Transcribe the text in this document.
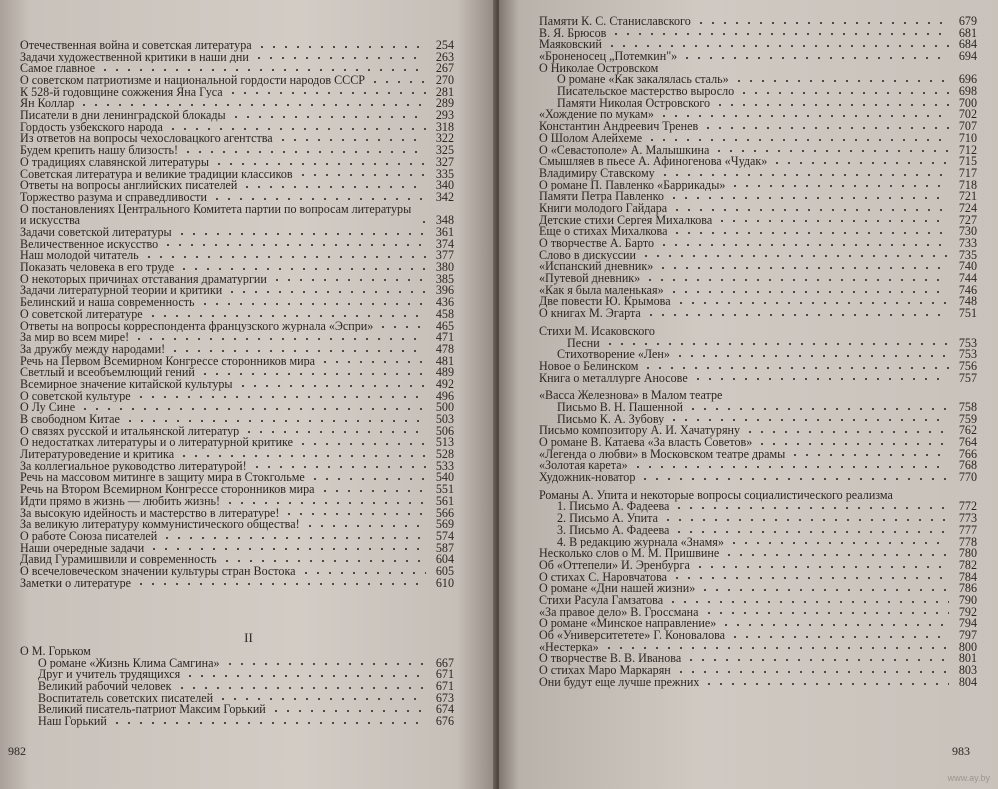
Отечественная война и советская литература	254
Задачи художественной критики в наши дни	263
Самое главное	267
О советском патриотизме и национальной гордости народов СССР	270
К 528-й годовщине сожжения Яна Гуса	281
Ян Коллар	289
Писатели в дни ленинградской блокады	293
Гордость узбекского народа	318
Из ответов на вопросы чехословацкого агентства	322
Будем крепить нашу близость!	325
О традициях славянской литературы	327
Советская литература и великие традиции классиков	335
Ответы на вопросы английских писателей	340
Торжество разума и справедливости	342
О постановлениях Центрального Комитета партии по вопросам литературы и искусства	348
Задачи советской литературы	361
Величественное искусство	374
Наш молодой читатель	377
Показать человека в его труде	380
О некоторых причинах отставания драматургии	385
Задачи литературной теории и критики	396
Белинский и наша современность	436
О советской литературе	458
Ответы на вопросы корреспондента французского журнала «Эспри»	465
За мир во всем мире!	471
За дружбу между народами!	478
Речь на Первом Всемирном Конгрессе сторонников мира	481
Светлый и всеобъемлющий гений	489
Всемирное значение китайской культуры	492
О советской культуре	496
О Лу Сине	500
В свободном Китае	503
О связях русской и итальянской литератур	506
О недостатках литературы и о литературной критике	513
Литературоведение и критика	528
За коллегиальное руководство литературой!	533
Речь на массовом митинге в защиту мира в Стокгольме	540
Речь на Втором Всемирном Конгрессе сторонников мира	551
Идти прямо в жизнь — любить жизнь!	561
За высокую идейность и мастерство в литературе!	566
За великую литературу коммунистического общества!	569
О работе Союза писателей	574
Наши очередные задачи	587
Давид Гурамишвили и современность	604
О всечеловеческом значении культуры стран Востока	605
Заметки о литературе	610
II
О М. Горьком
О романе «Жизнь Клима Самгина»	667
Друг и учитель трудящихся	671
Великий рабочий человек	671
Воспитатель советских писателей	673
Великий писатель-патриот Максим Горький	674
Наш Горький	676
982
Памяти К. С. Станиславского	679
В. Я. Брюсов	681
Маяковский	684
«Броненосец „Потемкин"»	694
О Николае Островском
О романе «Как закалялась сталь»	696
Писательское мастерство выросло	698
Памяти Николая Островского	700
«Хождение по мукам»	702
Константин Андреевич Тренев	707
О Шолом Алейхеме	710
О «Севастополе» А. Малышкина	712
Смышляев в пьесе А. Афиногенова «Чудак»	715
Владимиру Ставскому	717
О романе П. Павленко «Баррикады»	718
Памяти Петра Павленко	721
Книги молодого Гайдара	724
Детские стихи Сергея Михалкова	727
Еще о стихах Михалкова	730
О творчестве А. Барто	733
Слово в дискуссии	735
«Испанский дневник»	740
«Путевой дневник»	744
«Как я была маленькая»	746
Две повести Ю. Крымова	748
О книгах М. Эгарта	751
Стихи М. Исаковского
Песни	753
Стихотворение «Лен»	753
Новое о Белинском	756
Книга о металлурге Аносове	757
«Васса Железнова» в Малом театре
Письмо В. Н. Пашенной	758
Письмо К. А. Зубову	759
Письмо композитору А. И. Хачатуряну	762
О романе В. Катаева «За власть Советов»	764
«Легенда о любви» в Московском театре драмы	766
«Золотая карета»	768
Художник-новатор	770
Романы А. Упита и некоторые вопросы социалистического реализма
1. Письмо А. Фадеева	772
2. Письмо А. Упита	773
3. Письмо А. Фадеева	777
4. В редакцию журнала «Знамя»	778
Несколько слов о М. М. Пришвине	780
Об «Оттепели» И. Эренбурга	782
О стихах С. Наровчатова	784
О романе «Дни нашей жизни»	786
Стихи Расула Гамзатова	790
«За правое дело» В. Гроссмана	792
О романе «Минское направление»	794
Об «Университетете» Г. Коновалова	797
«Нестерка»	800
О творчестве В. В. Иванова	801
О стихах Маро Маркарян	803
Они будут еще лучше прежних	804
983
www.ay.by
